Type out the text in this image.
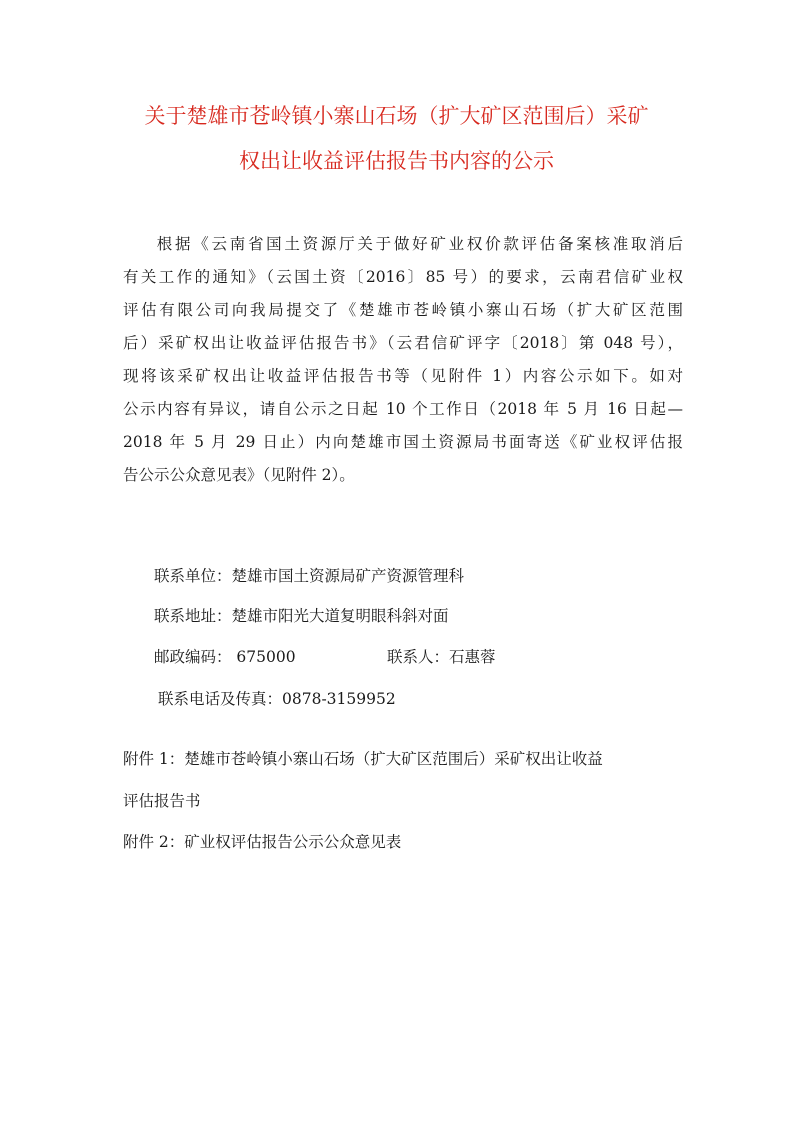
关于楚雄市苍岭镇小寨山石场（扩大矿区范围后）采矿
权出让收益评估报告书内容的公示
根据《云南省国土资源厅关于做好矿业权价款评估备案核准取消后
有关工作的通知》（云国土资〔2016〕85 号）的要求，云南君信矿业权
评估有限公司向我局提交了《楚雄市苍岭镇小寨山石场（扩大矿区范围
后）采矿权出让收益评估报告书》（云君信矿评字〔2018〕第 048 号），
现将该采矿权出让收益评估报告书等（见附件 1）内容公示如下。如对
公示内容有异议，请自公示之日起 10 个工作日（2018 年 5 月 16 日起—
2018 年 5 月 29 日止）内向楚雄市国土资源局书面寄送《矿业权评估报
告公示公众意见表》（见附件 2）。
联系单位：楚雄市国土资源局矿产资源管理科
联系地址：楚雄市阳光大道复明眼科斜对面
邮政编码： 675000	联系人：石惠蓉
联系电话及传真：0878-3159952
附件 1：楚雄市苍岭镇小寨山石场（扩大矿区范围后）采矿权出让收益
评估报告书
附件 2：矿业权评估报告公示公众意见表
